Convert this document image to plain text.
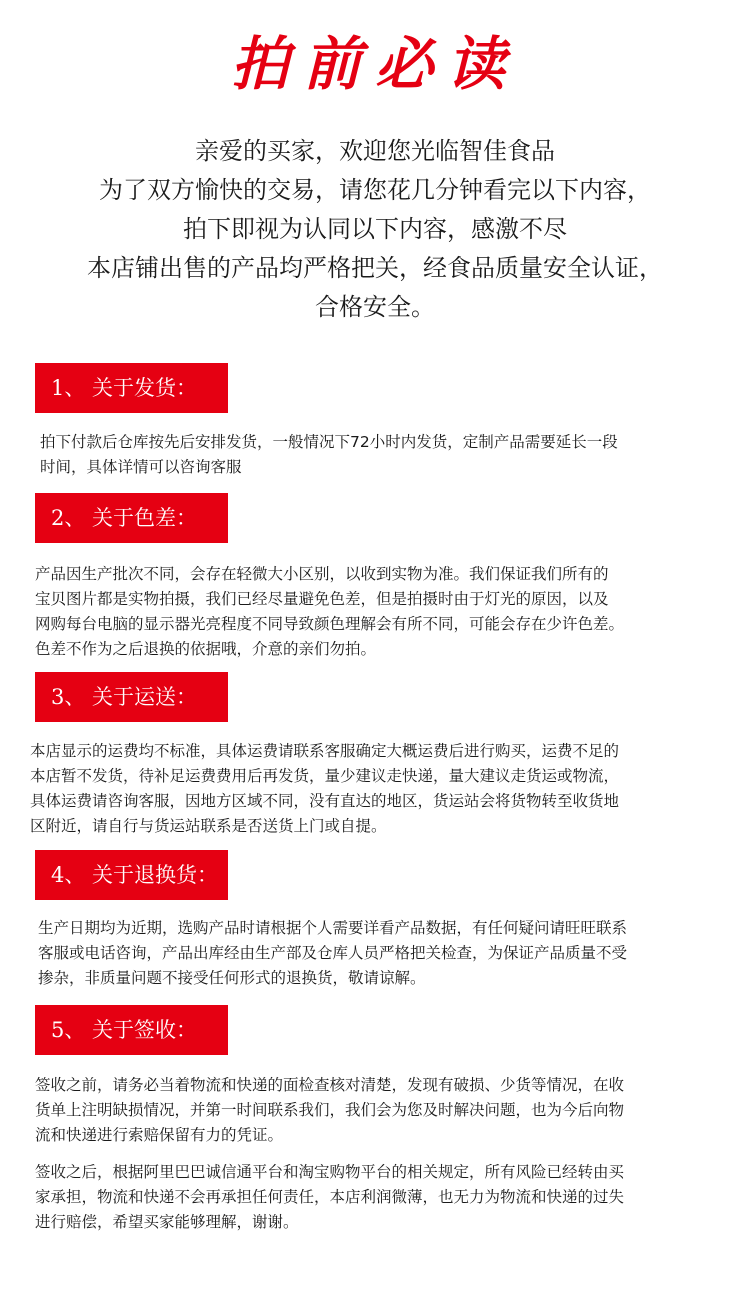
拍前必读
亲爱的买家，欢迎您光临智佳食品
为了双方愉快的交易，请您花几分钟看完以下内容，
拍下即视为认同以下内容，感激不尽
本店铺出售的产品均严格把关，经食品质量安全认证，
合格安全。
1、 关于发货：
拍下付款后仓库按先后安排发货，一般情况下72小时内发货，定制产品需要延长一段
时间，具体详情可以咨询客服
2、 关于色差：
产品因生产批次不同，会存在轻微大小区别，以收到实物为准。我们保证我们所有的
宝贝图片都是实物拍摄，我们已经尽量避免色差，但是拍摄时由于灯光的原因，以及
网购每台电脑的显示器光亮程度不同导致颜色理解会有所不同，可能会存在少许色差。
色差不作为之后退换的依据哦，介意的亲们勿拍。
3、 关于运送：
本店显示的运费均不标准，具体运费请联系客服确定大概运费后进行购买，运费不足的
本店暂不发货，待补足运费费用后再发货，量少建议走快递，量大建议走货运或物流，
具体运费请咨询客服，因地方区域不同，没有直达的地区，货运站会将货物转至收货地
区附近，请自行与货运站联系是否送货上门或自提。
4、 关于退换货：
生产日期均为近期，选购产品时请根据个人需要详看产品数据，有任何疑问请旺旺联系
客服或电话咨询，产品出库经由生产部及仓库人员严格把关检查，为保证产品质量不受
掺杂，非质量问题不接受任何形式的退换货，敬请谅解。
5、 关于签收：
签收之前，请务必当着物流和快递的面检查核对清楚，发现有破损、少货等情况，在收
货单上注明缺损情况，并第一时间联系我们，我们会为您及时解决问题，也为今后向物
流和快递进行索赔保留有力的凭证。
签收之后，根据阿里巴巴诚信通平台和淘宝购物平台的相关规定，所有风险已经转由买
家承担，物流和快递不会再承担任何责任，本店利润微薄，也无力为物流和快递的过失
进行赔偿，希望买家能够理解，谢谢。
